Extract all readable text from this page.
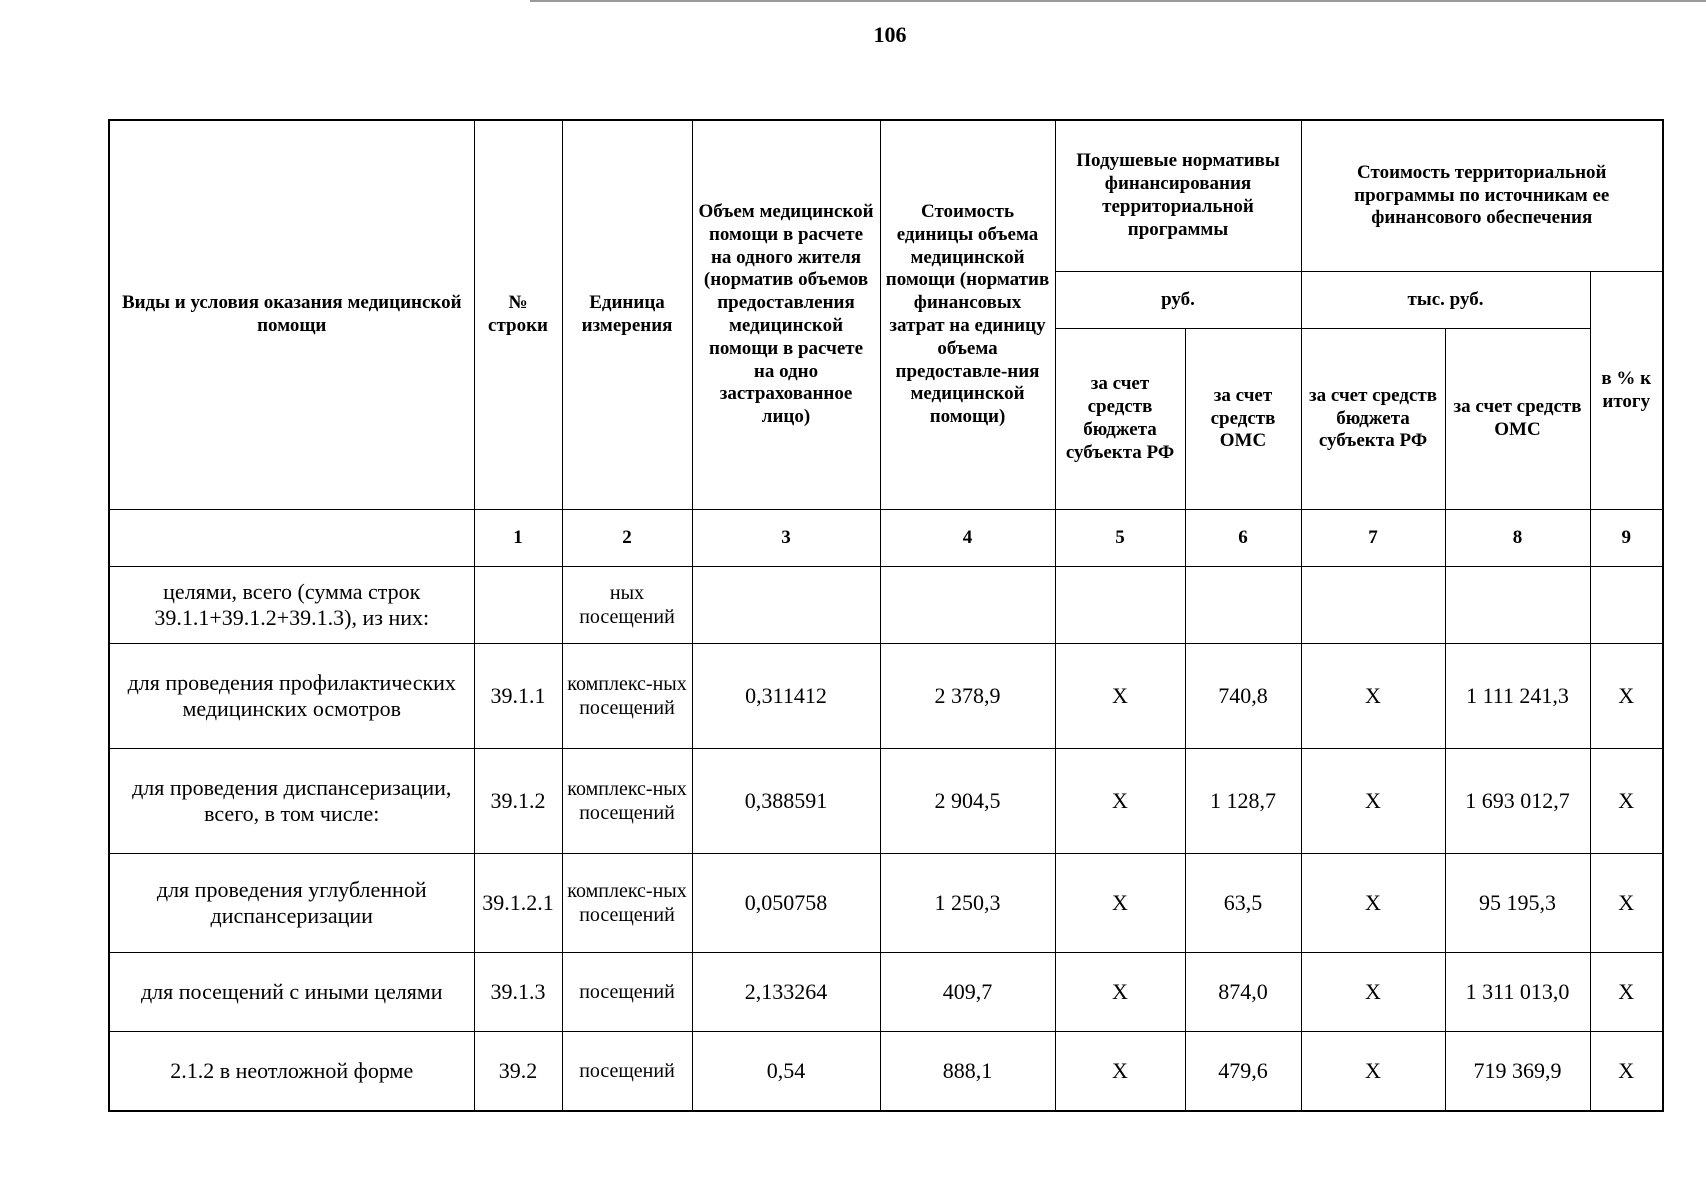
106
Виды и условия оказания медицинской помощи	№ строки	Единица измерения	Объем медицинской помощи в расчете на одного жителя (норматив объемов предоставления медицинской помощи в расчете на одно застрахованное лицо)	Стоимость единицы объема медицинской помощи (норматив финансовых затрат на единицу объема предоставле-ния медицинской помощи)	Подушевые нормативы финансирования территориальной программы		Стоимость территориальной программы по источникам ее финансового обеспечения		
					руб.		тыс. руб.		в % к итогу
					за счет средств бюджета субъекта РФ	за счет средств ОМС	за счет средств бюджета субъекта РФ	за счет средств ОМС	
	1	2	3	4	5	6	7	8	9
целями, всего (сумма строк 39.1.1+39.1.2+39.1.3), из них:		ных посещений							
для проведения профилактических медицинских осмотров	39.1.1	комплекс-ных посещений	0,311412	2 378,9	X	740,8	X	1 111 241,3	X
для проведения диспансеризации, всего, в том числе:	39.1.2	комплекс-ных посещений	0,388591	2 904,5	X	1 128,7	X	1 693 012,7	X
для проведения углубленной диспансеризации	39.1.2.1	комплекс-ных посещений	0,050758	1 250,3	X	63,5	X	95 195,3	X
для посещений с иными целями	39.1.3	посещений	2,133264	409,7	X	874,0	X	1 311 013,0	X
2.1.2 в неотложной форме	39.2	посещений	0,54	888,1	X	479,6	X	719 369,9	X
